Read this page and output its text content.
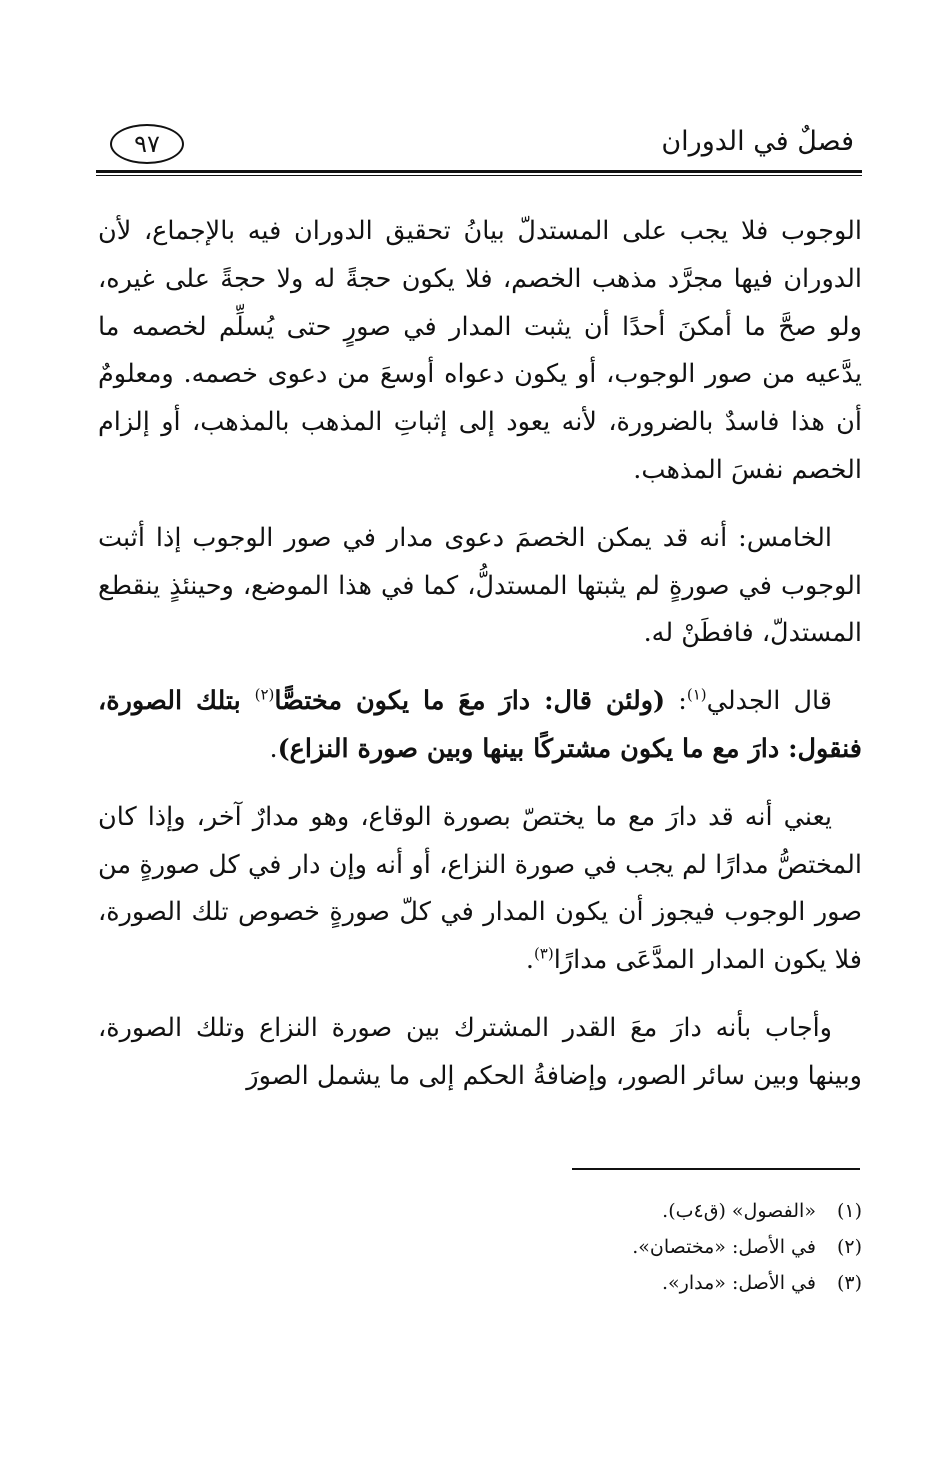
فصلٌ في الدوران
٩٧

الوجوب فلا يجب على المستدلّ بيانُ تحقيق الدوران فيه بالإجماع، لأن الدوران فيها مجرَّد مذهب الخصم، فلا يكون حجةً له ولا حجةً على غيره، ولو صحَّ ما أمكنَ أحدًا أن يثبت المدار في صورٍ حتى يُسلِّم لخصمه ما يدَّعيه من صور الوجوب، أو يكون دعواه أوسعَ من دعوى خصمه. ومعلومٌ أن هذا فاسدٌ بالضرورة، لأنه يعود إلى إثباتِ المذهب بالمذهب، أو إلزام الخصم نفسَ المذهب.

الخامس: أنه قد يمكن الخصمَ دعوى مدار في صور الوجوب إذا أثبت الوجوب في صورةٍ لم يثبتها المستدلُّ، كما في هذا الموضع، وحينئذٍ ينقطع المستدلّ، فافطَنْ له.

قال الجدلي$^{(١)}$: (ولئن قال: دارَ معَ ما يكون مختصًّا$^{(٢)}$ بتلك الصورة، فنقول: دارَ مع ما يكون مشتركًا بينها وبين صورة النزاع).

يعني أنه قد دارَ مع ما يختصّ بصورة الوقاع، وهو مدارٌ آخر، وإذا كان المختصُّ مدارًا لم يجب في صورة النزاع، أو أنه وإن دار في كل صورةٍ من صور الوجوب فيجوز أن يكون المدار في كلّ صورةٍ خصوص تلك الصورة، فلا يكون المدار المدَّعَى مدارًا$^{(٣)}$.

وأجاب بأنه دارَ معَ القدر المشترك بين صورة النزاع وتلك الصورة، وبينها وبين سائر الصور، وإضافةُ الحكم إلى ما يشمل الصورَ

(١) «الفصول» (ق٤ب).
(٢) في الأصل: «مختصان».
(٣) في الأصل: «مدار».
